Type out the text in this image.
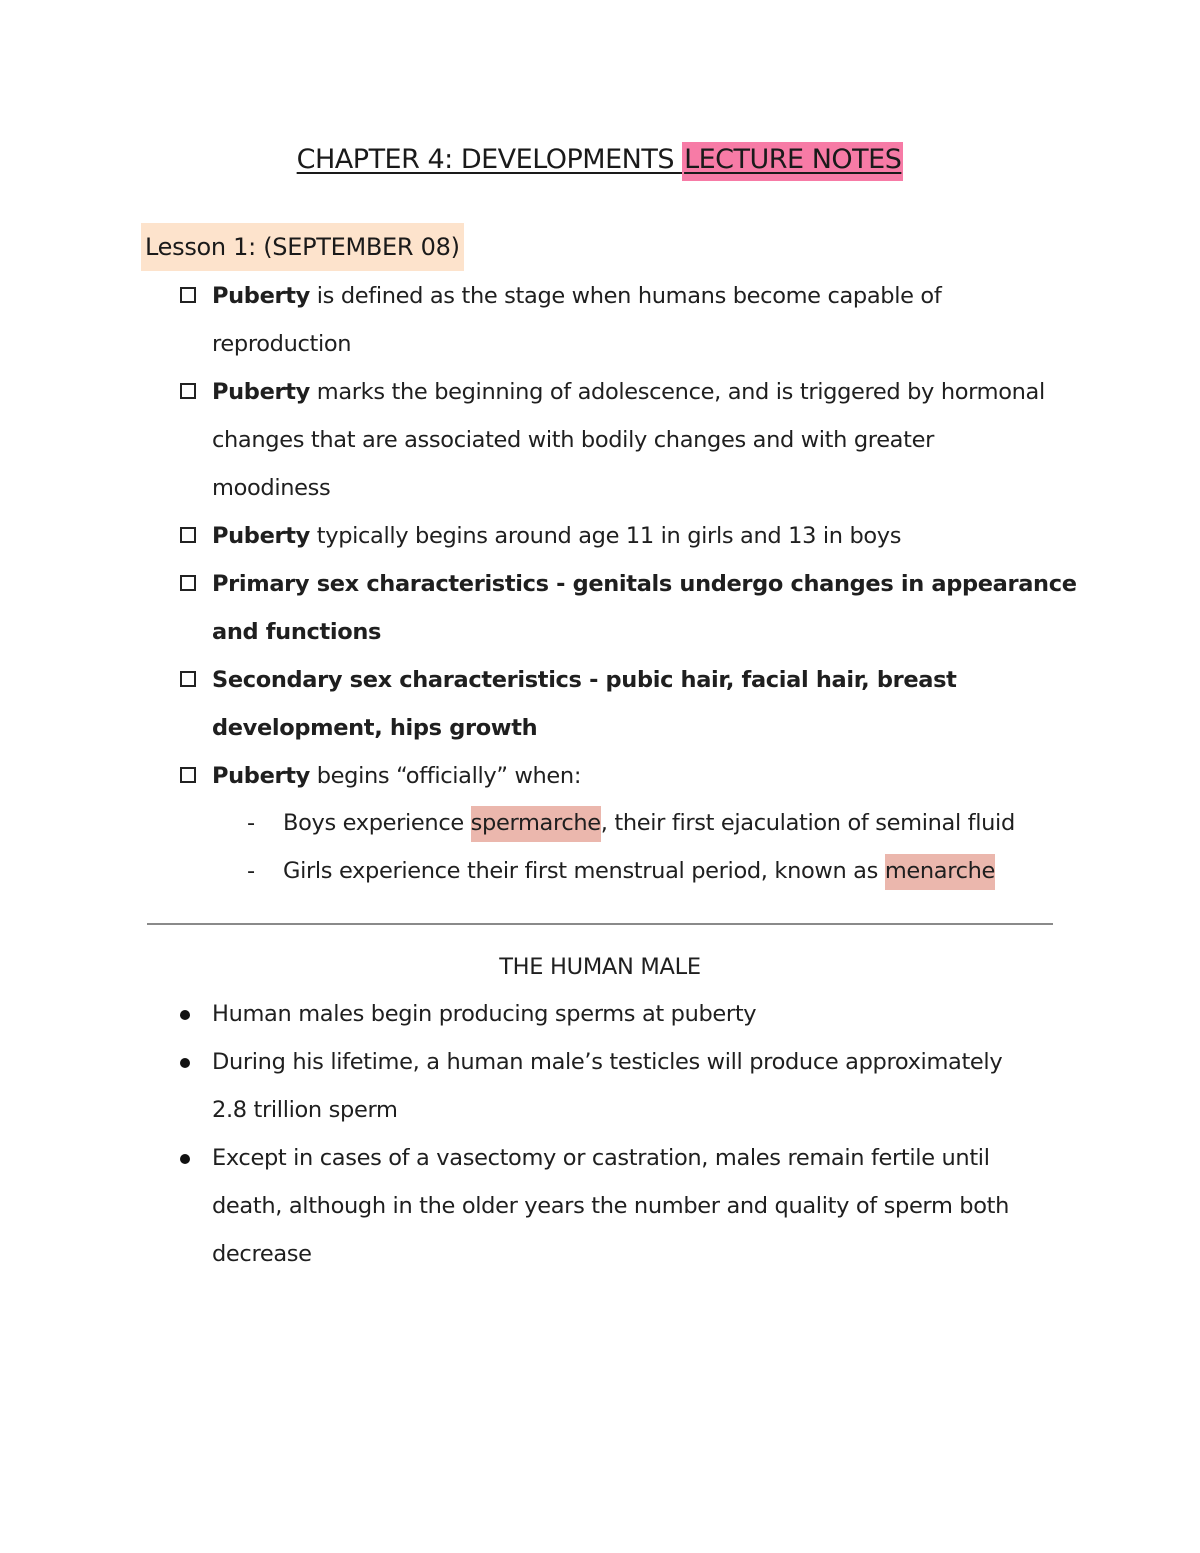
CHAPTER 4: DEVELOPMENTS LECTURE NOTES
Lesson 1: (SEPTEMBER 08)
Puberty is defined as the stage when humans become capable of
reproduction
Puberty marks the beginning of adolescence, and is triggered by hormonal
changes that are associated with bodily changes and with greater
moodiness
Puberty typically begins around age 11 in girls and 13 in boys
Primary sex characteristics - genitals undergo changes in appearance
and functions
Secondary sex characteristics - pubic hair, facial hair, breast
development, hips growth
Puberty begins “officially” when:
- Boys experience spermarche, their first ejaculation of seminal fluid
- Girls experience their first menstrual period, known as menarche
THE HUMAN MALE
Human males begin producing sperms at puberty
During his lifetime, a human male’s testicles will produce approximately
2.8 trillion sperm
Except in cases of a vasectomy or castration, males remain fertile until
death, although in the older years the number and quality of sperm both
decrease
